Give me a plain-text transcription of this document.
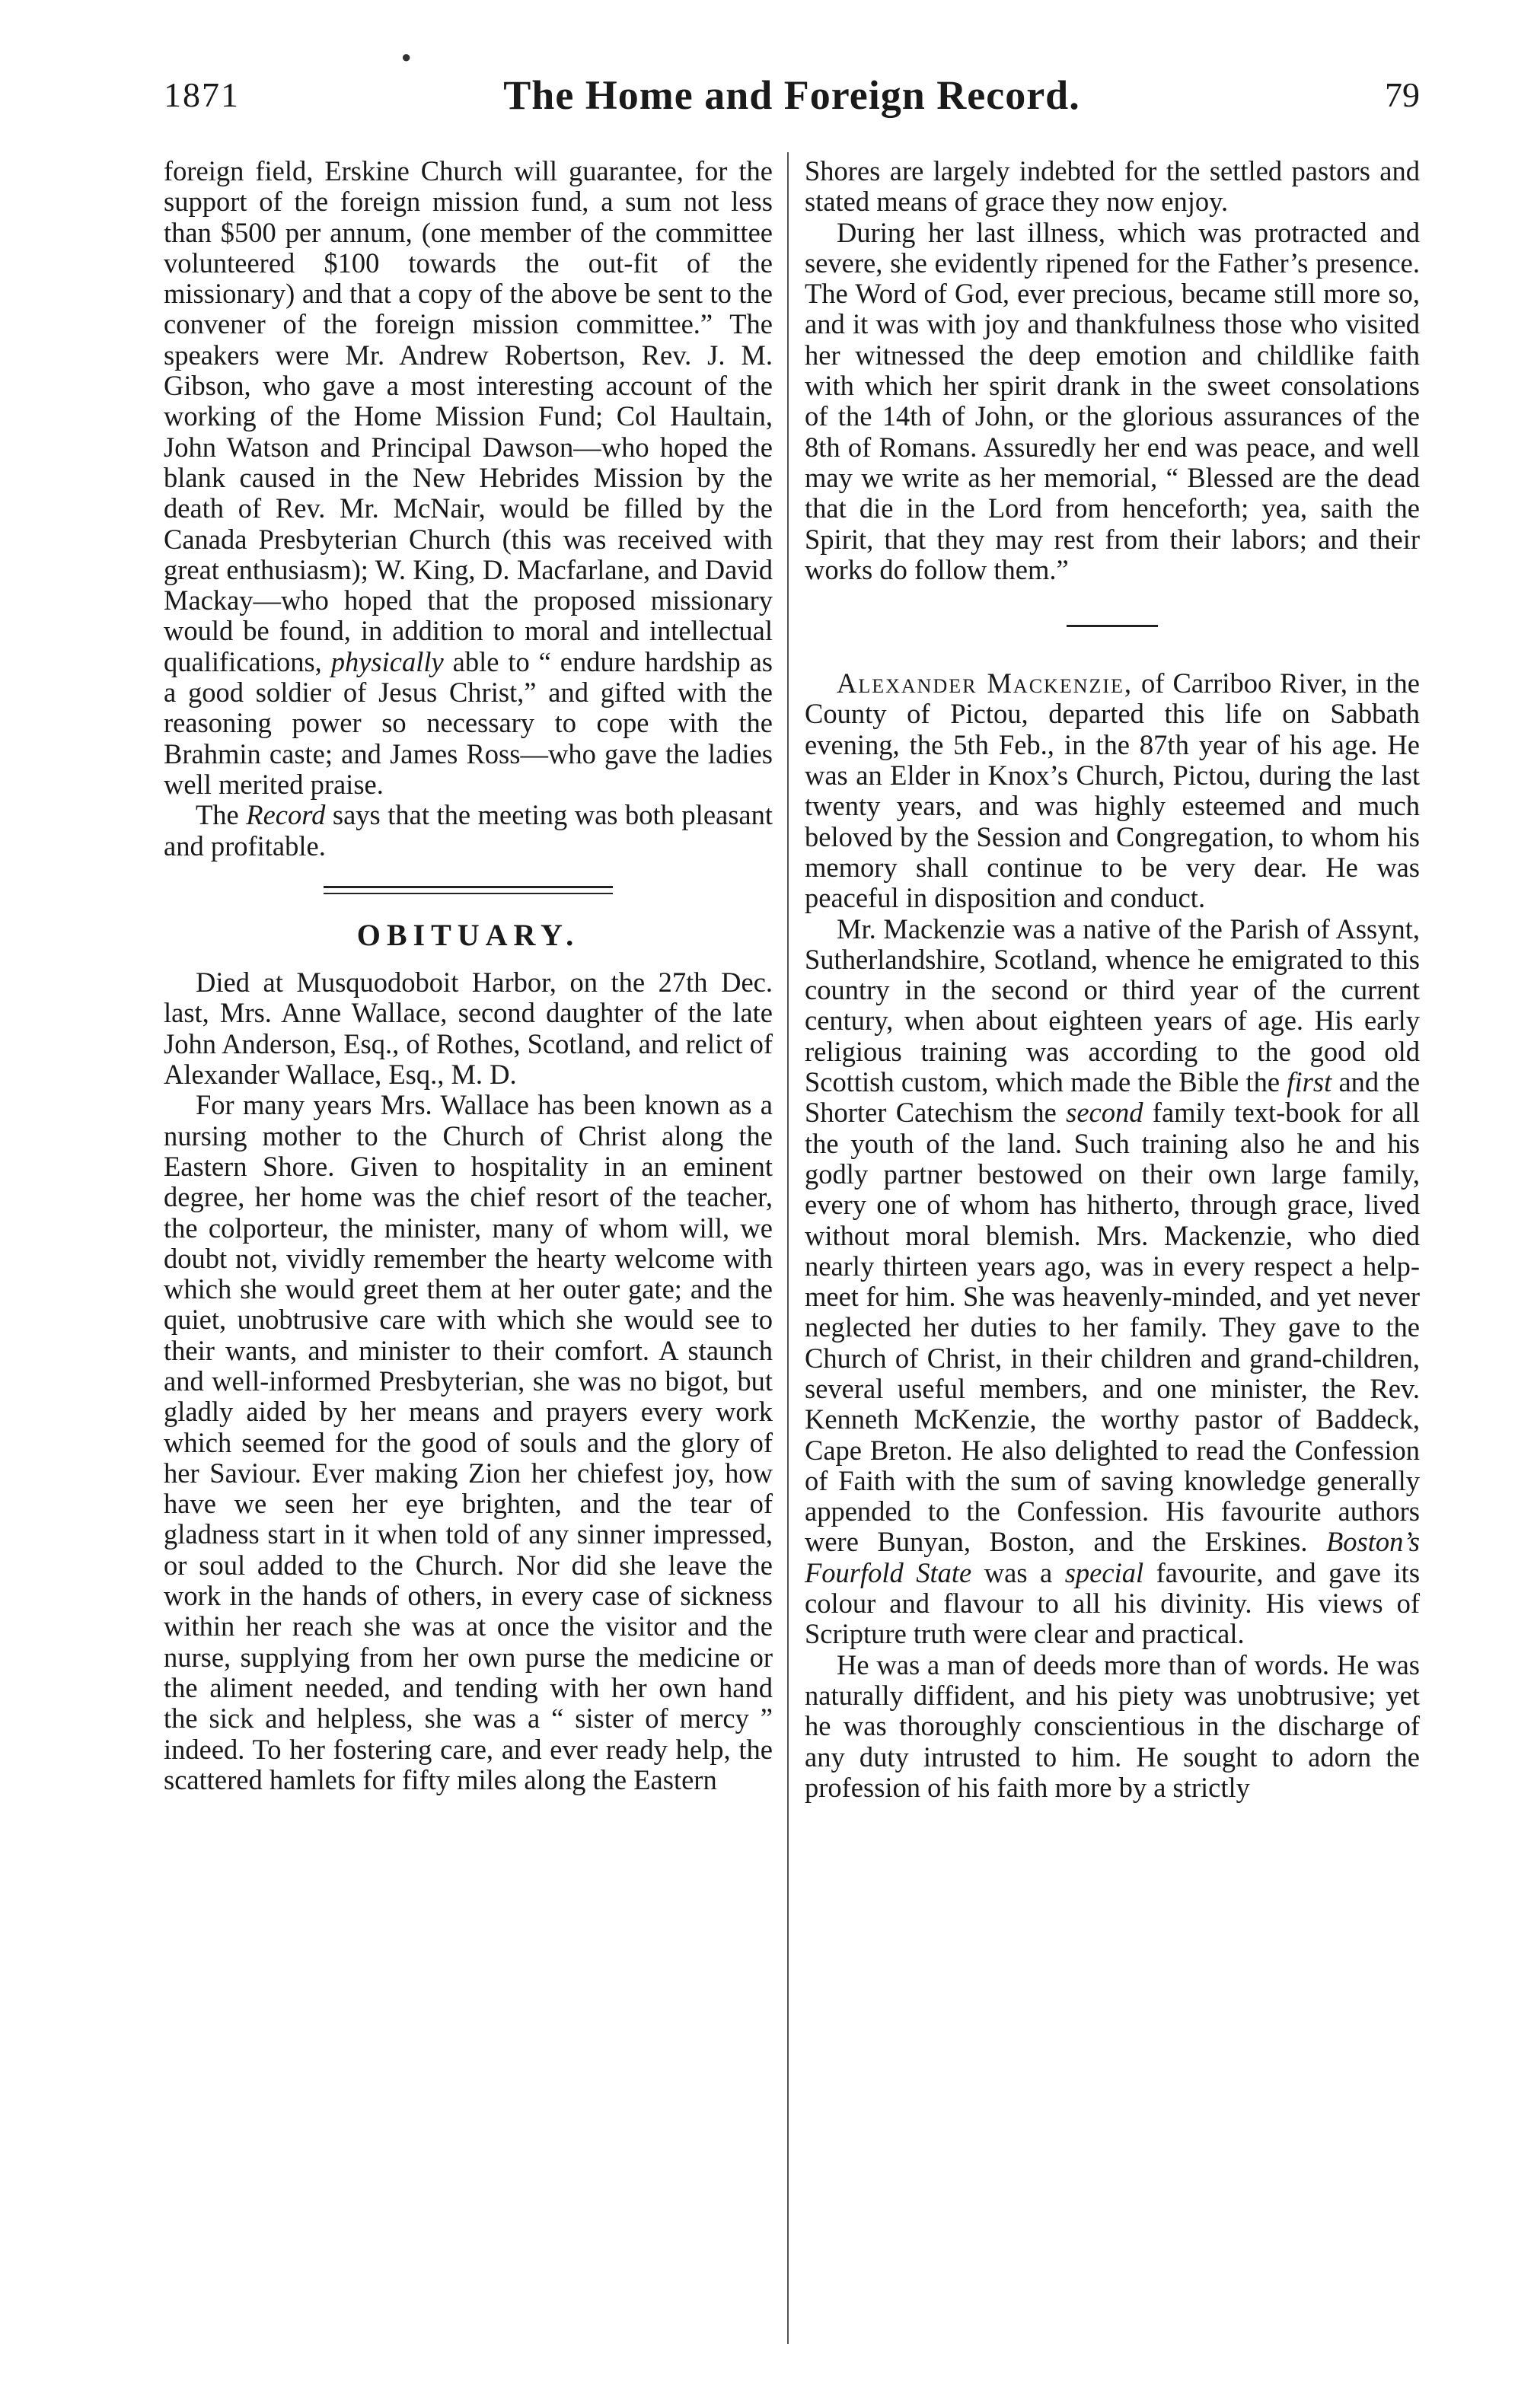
1871	The Home and Foreign Record.	79

foreign field, Erskine Church will guarantee, for the support of the foreign mission fund, a sum not less than $500 per annum, (one member of the committee volunteered $100 towards the out-fit of the missionary) and that a copy of the above be sent to the convener of the foreign mission committee.” The speakers were Mr. Andrew Robertson, Rev. J. M. Gibson, who gave a most interesting account of the working of the Home Mission Fund; Col Haultain, John Watson and Principal Dawson—who hoped the blank caused in the New Hebrides Mission by the death of Rev. Mr. McNair, would be filled by the Canada Presbyterian Church (this was received with great enthusiasm); W. King, D. Macfarlane, and David Mackay—who hoped that the proposed missionary would be found, in addition to moral and intellectual qualifications, physically able to “ endure hardship as a good soldier of Jesus Christ,” and gifted with the reasoning power so necessary to cope with the Brahmin caste; and James Ross—who gave the ladies well merited praise.

The Record says that the meeting was both pleasant and profitable.

OBITUARY.

Died at Musquodoboit Harbor, on the 27th Dec. last, Mrs. Anne Wallace, second daughter of the late John Anderson, Esq., of Rothes, Scotland, and relict of Alexander Wallace, Esq., M. D.

For many years Mrs. Wallace has been known as a nursing mother to the Church of Christ along the Eastern Shore. Given to hospitality in an eminent degree, her home was the chief resort of the teacher, the colporteur, the minister, many of whom will, we doubt not, vividly remember the hearty welcome with which she would greet them at her outer gate; and the quiet, unobtrusive care with which she would see to their wants, and minister to their comfort. A staunch and well-informed Presbyterian, she was no bigot, but gladly aided by her means and prayers every work which seemed for the good of souls and the glory of her Saviour. Ever making Zion her chiefest joy, how have we seen her eye brighten, and the tear of gladness start in it when told of any sinner impressed, or soul added to the Church. Nor did she leave the work in the hands of others, in every case of sickness within her reach she was at once the visitor and the nurse, supplying from her own purse the medicine or the aliment needed, and tending with her own hand the sick and helpless, she was a “ sister of mercy ” indeed. To her fostering care, and ever ready help, the scattered hamlets for fifty miles along the Eastern

Shores are largely indebted for the settled pastors and stated means of grace they now enjoy.

During her last illness, which was protracted and severe, she evidently ripened for the Father’s presence. The Word of God, ever precious, became still more so, and it was with joy and thankfulness those who visited her witnessed the deep emotion and childlike faith with which her spirit drank in the sweet consolations of the 14th of John, or the glorious assurances of the 8th of Romans. Assuredly her end was peace, and well may we write as her memorial, “ Blessed are the dead that die in the Lord from henceforth; yea, saith the Spirit, that they may rest from their labors; and their works do follow them.”

Alexander Mackenzie, of Carriboo River, in the County of Pictou, departed this life on Sabbath evening, the 5th Feb., in the 87th year of his age. He was an Elder in Knox’s Church, Pictou, during the last twenty years, and was highly esteemed and much beloved by the Session and Congregation, to whom his memory shall continue to be very dear. He was peaceful in disposition and conduct.

Mr. Mackenzie was a native of the Parish of Assynt, Sutherlandshire, Scotland, whence he emigrated to this country in the second or third year of the current century, when about eighteen years of age. His early religious training was according to the good old Scottish custom, which made the Bible the first and the Shorter Catechism the second family text-book for all the youth of the land. Such training also he and his godly partner bestowed on their own large family, every one of whom has hitherto, through grace, lived without moral blemish. Mrs. Mackenzie, who died nearly thirteen years ago, was in every respect a help-meet for him. She was heavenly-minded, and yet never neglected her duties to her family. They gave to the Church of Christ, in their children and grand-children, several useful members, and one minister, the Rev. Kenneth McKenzie, the worthy pastor of Baddeck, Cape Breton. He also delighted to read the Confession of Faith with the sum of saving knowledge generally appended to the Confession. His favourite authors were Bunyan, Boston, and the Erskines. Boston’s Fourfold State was a special favourite, and gave its colour and flavour to all his divinity. His views of Scripture truth were clear and practical.

He was a man of deeds more than of words. He was naturally diffident, and his piety was unobtrusive; yet he was thoroughly conscientious in the discharge of any duty intrusted to him. He sought to adorn the profession of his faith more by a strictly

●
